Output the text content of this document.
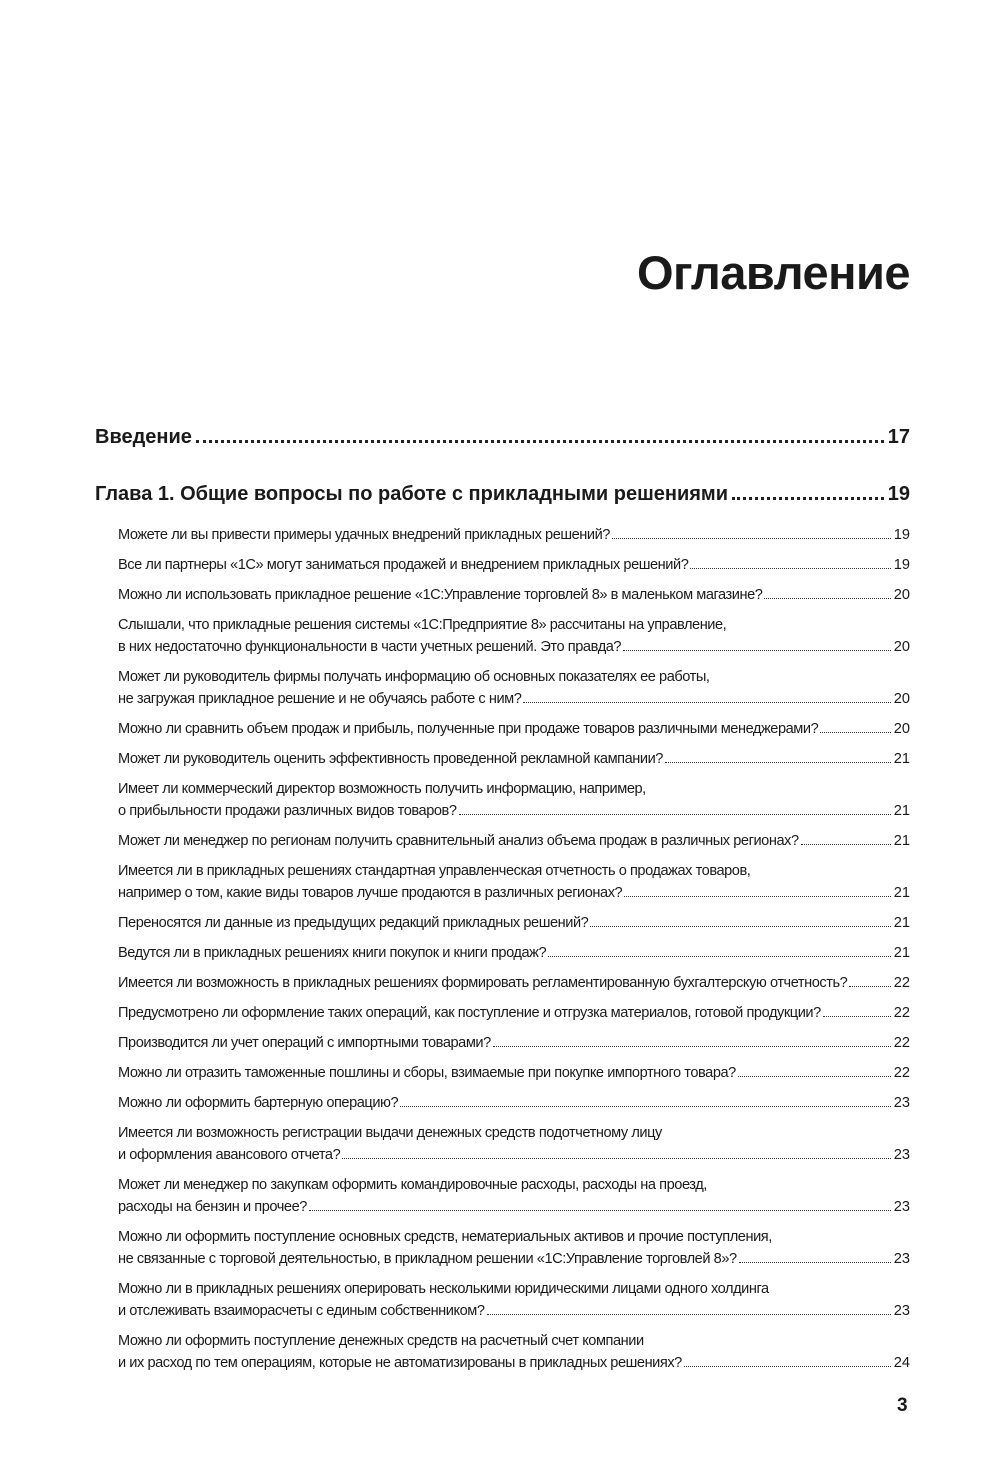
Оглавление
Введение	17
Глава 1. Общие вопросы по работе с прикладными решениями	19
Можете ли вы привести примеры удачных внедрений прикладных решений?	19
Все ли партнеры «1С» могут заниматься продажей и внедрением прикладных решений?	19
Можно ли использовать прикладное решение «1С:Управление торговлей 8» в маленьком магазине?	20
Слышали, что прикладные решения системы «1С:Предприятие 8» рассчитаны на управление,
в них недостаточно функциональности в части учетных решений. Это правда?	20
Может ли руководитель фирмы получать информацию об основных показателях ее работы,
не загружая прикладное решение и не обучаясь работе с ним?	20
Можно ли сравнить объем продаж и прибыль, полученные при продаже товаров различными менеджерами?	20
Может ли руководитель оценить эффективность проведенной рекламной кампании?	21
Имеет ли коммерческий директор возможность получить информацию, например,
о прибыльности продажи различных видов товаров?	21
Может ли менеджер по регионам получить сравнительный анализ объема продаж в различных регионах?	21
Имеется ли в прикладных решениях стандартная управленческая отчетность о продажах товаров,
например о том, какие виды товаров лучше продаются в различных регионах?	21
Переносятся ли данные из предыдущих редакций прикладных решений?	21
Ведутся ли в прикладных решениях книги покупок и книги продаж?	21
Имеется ли возможность в прикладных решениях формировать регламентированную бухгалтерскую отчетность?	22
Предусмотрено ли оформление таких операций, как поступление и отгрузка материалов, готовой продукции?	22
Производится ли учет операций с импортными товарами?	22
Можно ли отразить таможенные пошлины и сборы, взимаемые при покупке импортного товара?	22
Можно ли оформить бартерную операцию?	23
Имеется ли возможность регистрации выдачи денежных средств подотчетному лицу
и оформления авансового отчета?	23
Может ли менеджер по закупкам оформить командировочные расходы, расходы на проезд,
расходы на бензин и прочее?	23
Можно ли оформить поступление основных средств, нематериальных активов и прочие поступления,
не связанные с торговой деятельностью, в прикладном решении «1С:Управление торговлей 8»?	23
Можно ли в прикладных решениях оперировать несколькими юридическими лицами одного холдинга
и отслеживать взаиморасчеты с единым собственником?	23
Можно ли оформить поступление денежных средств на расчетный счет компании
и их расход по тем операциям, которые не автоматизированы в прикладных решениях?	24
3
